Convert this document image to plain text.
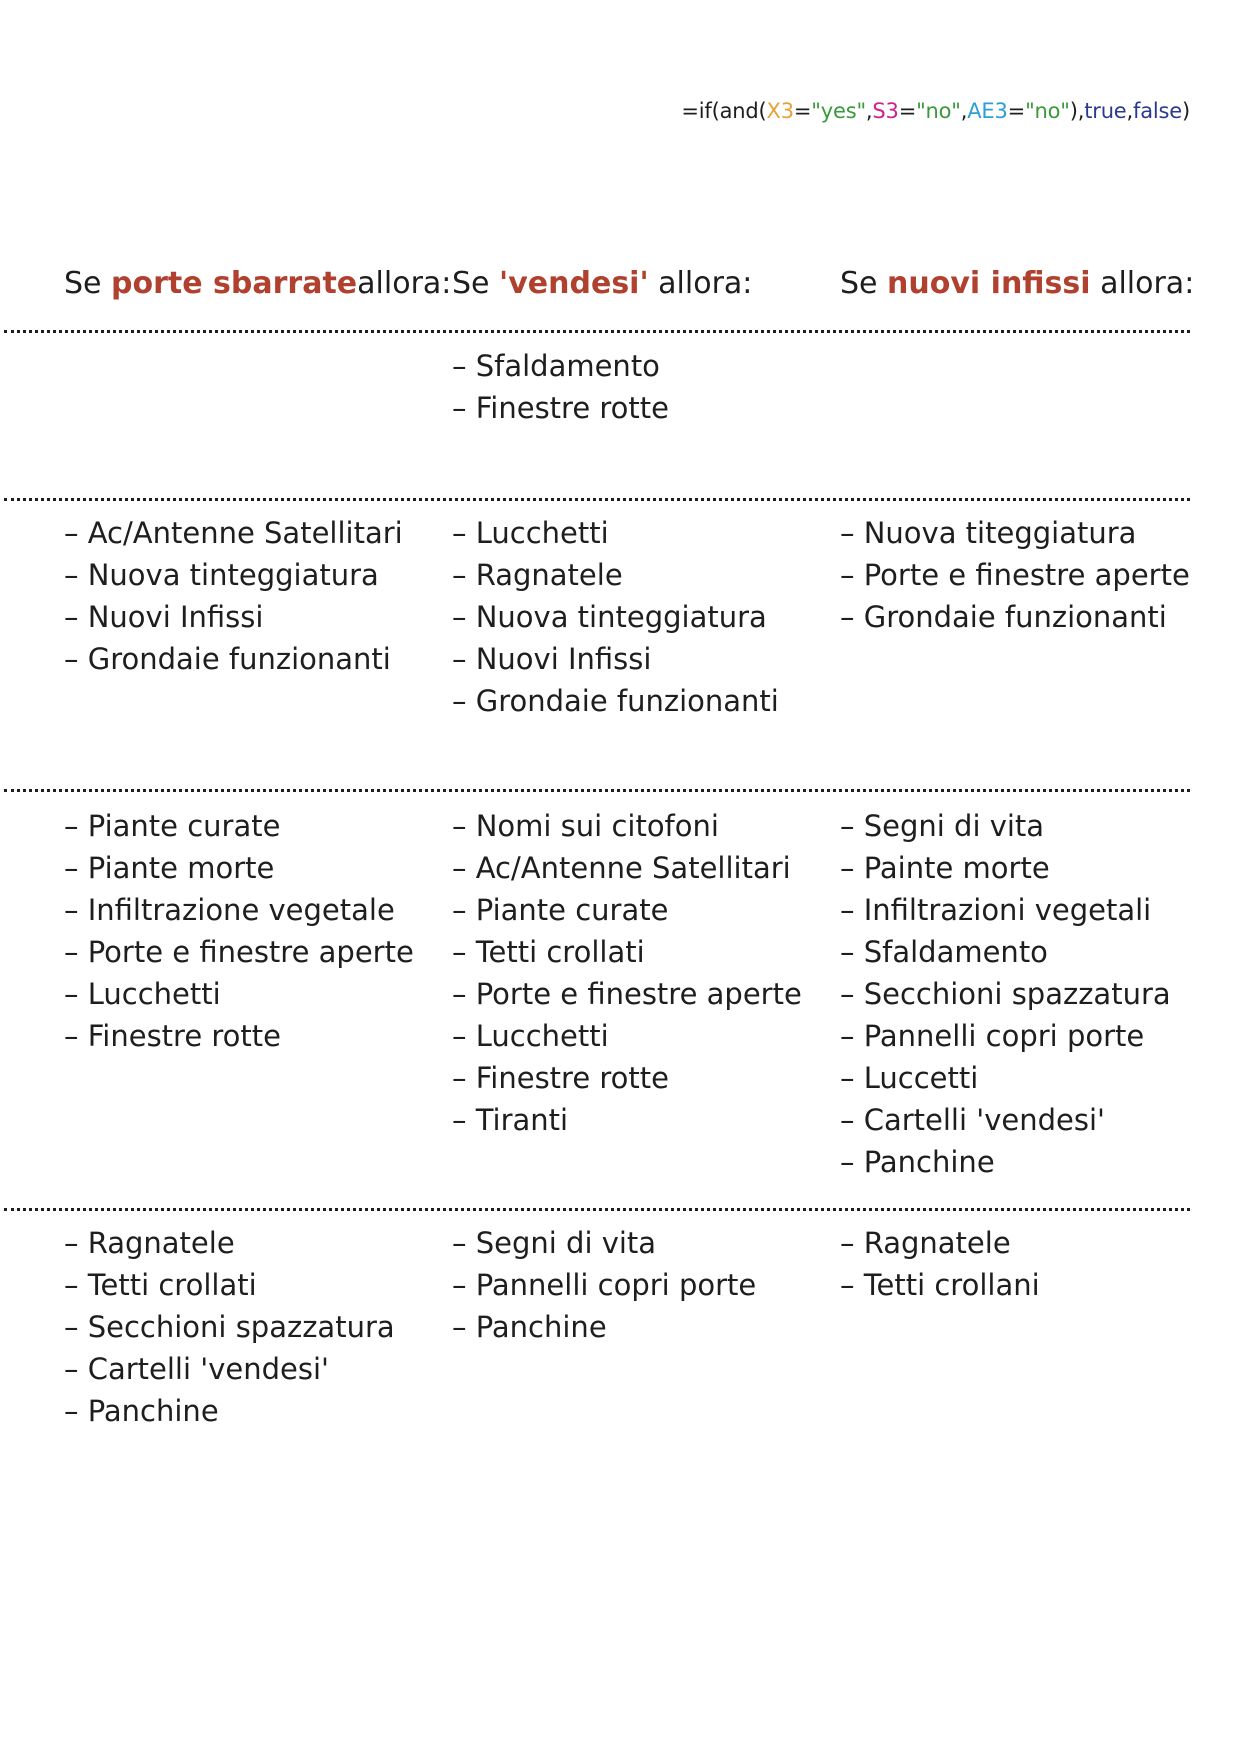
=if(and(X3="yes",S3="no",AE3="no"),true,false)
Se porte sbarrateallora: Se 'vendesi' allora:	Se nuovi infissi allora:
– Sfaldamento
– Finestre rotte
– Ac/Antenne Satellitari
– Nuova tinteggiatura
– Nuovi Infissi
– Grondaie funzionanti
– Lucchetti
– Ragnatele
– Nuova tinteggiatura
– Nuovi Infissi
– Grondaie funzionanti
– Nuova titeggiatura
– Porte e finestre aperte
– Grondaie funzionanti
– Piante curate
– Piante morte
– Infiltrazione vegetale
– Porte e finestre aperte
– Lucchetti
– Finestre rotte
– Nomi sui citofoni
– Ac/Antenne Satellitari
– Piante curate
– Tetti crollati
– Porte e finestre aperte
– Lucchetti
– Finestre rotte
– Tiranti
– Segni di vita
– Painte morte
– Infiltrazioni vegetali
– Sfaldamento
– Secchioni spazzatura
– Pannelli copri porte
– Luccetti
– Cartelli 'vendesi'
– Panchine
– Ragnatele
– Tetti crollati
– Secchioni spazzatura
– Cartelli 'vendesi'
– Panchine
– Segni di vita
– Pannelli copri porte
– Panchine
– Ragnatele
– Tetti crollani
